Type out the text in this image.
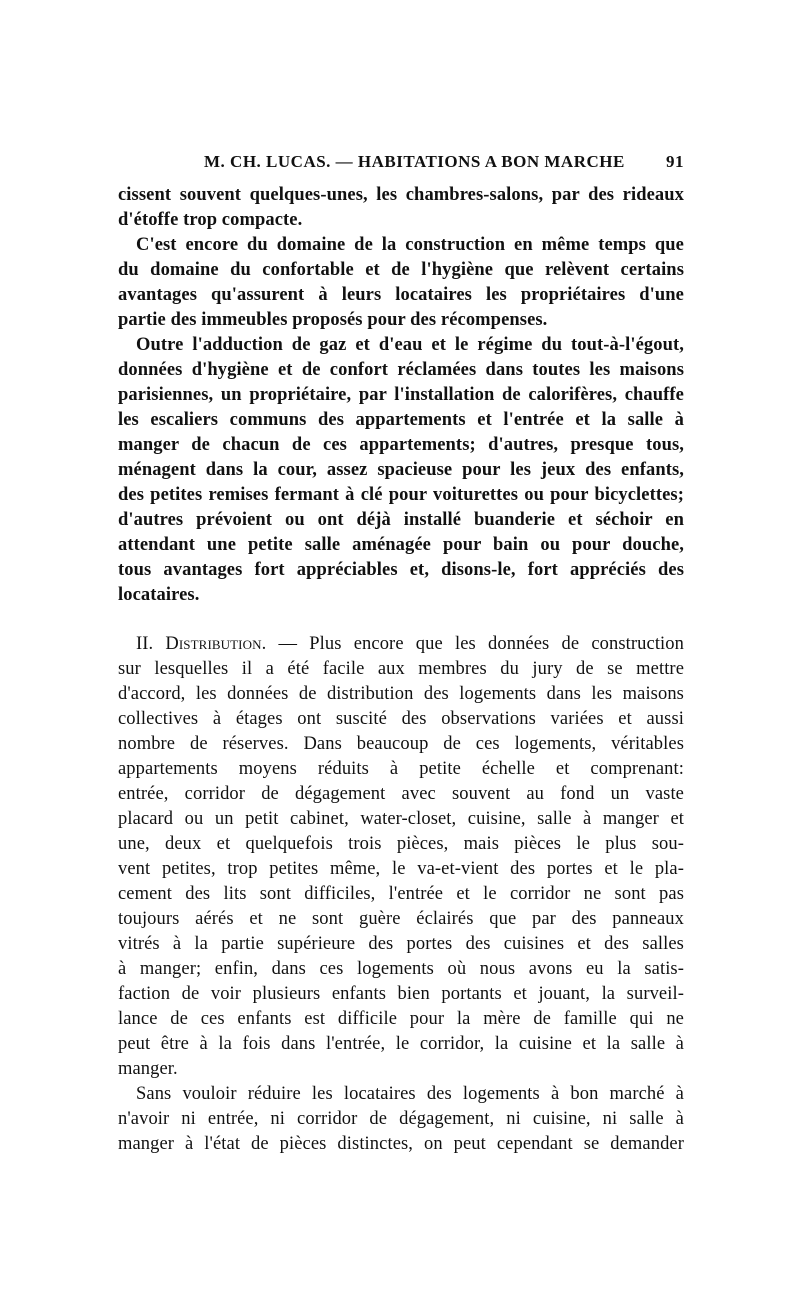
M. CH. LUCAS. — HABITATIONS A BON MARCHE 91
cissent souvent quelques-unes, les chambres-salons, par des rideaux
d'étoffe trop compacte.
C'est encore du domaine de la construction en même temps que
du domaine du confortable et de l'hygiène que relèvent certains
avantages qu'assurent à leurs locataires les propriétaires d'une
partie des immeubles proposés pour des récompenses.
Outre l'adduction de gaz et d'eau et le régime du tout-à-l'égout,
données d'hygiène et de confort réclamées dans toutes les maisons
parisiennes, un propriétaire, par l'installation de calorifères, chauffe
les escaliers communs des appartements et l'entrée et la salle à
manger de chacun de ces appartements; d'autres, presque tous,
ménagent dans la cour, assez spacieuse pour les jeux des enfants,
des petites remises fermant à clé pour voiturettes ou pour bicyclettes;
d'autres prévoient ou ont déjà installé buanderie et séchoir en
attendant une petite salle aménagée pour bain ou pour douche,
tous avantages fort appréciables et, disons-le, fort appréciés des
locataires.
II. Distribution. — Plus encore que les données de construction
sur lesquelles il a été facile aux membres du jury de se mettre
d'accord, les données de distribution des logements dans les maisons
collectives à étages ont suscité des observations variées et aussi
nombre de réserves. Dans beaucoup de ces logements, véritables
appartements moyens réduits à petite échelle et comprenant:
entrée, corridor de dégagement avec souvent au fond un vaste
placard ou un petit cabinet, water-closet, cuisine, salle à manger et
une, deux et quelquefois trois pièces, mais pièces le plus sou-
vent petites, trop petites même, le va-et-vient des portes et le pla-
cement des lits sont difficiles, l'entrée et le corridor ne sont pas
toujours aérés et ne sont guère éclairés que par des panneaux
vitrés à la partie supérieure des portes des cuisines et des salles
à manger; enfin, dans ces logements où nous avons eu la satis-
faction de voir plusieurs enfants bien portants et jouant, la surveil-
lance de ces enfants est difficile pour la mère de famille qui ne
peut être à la fois dans l'entrée, le corridor, la cuisine et la salle à
manger.
Sans vouloir réduire les locataires des logements à bon marché à
n'avoir ni entrée, ni corridor de dégagement, ni cuisine, ni salle à
manger à l'état de pièces distinctes, on peut cependant se demander
